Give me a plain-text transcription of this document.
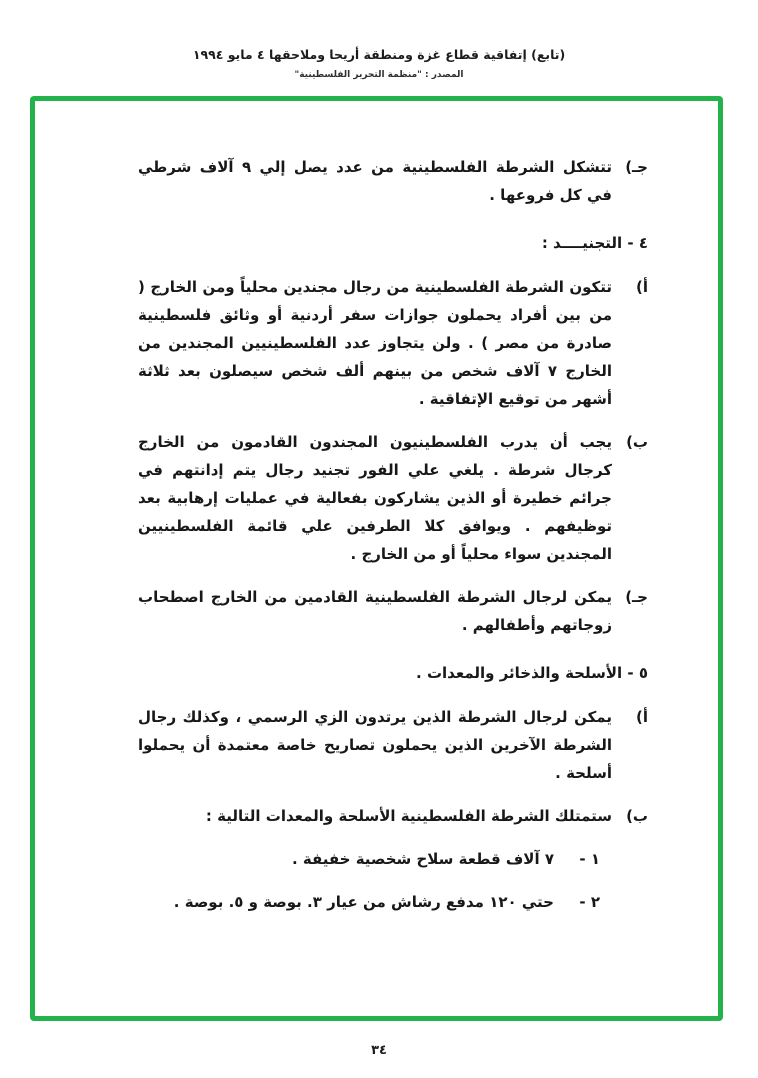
(تابع) إتفاقية قطاع غزة ومنطقة أريحا وملاحقها ٤ مايو ١٩٩٤
المصدر : "منظمة التحرير الفلسطينية"
جـ)
تتشكل الشرطة الفلسطينية من عدد يصل إلي ٩ آلاف شرطي في كل فروعها .
٤ - التجنيــــد :
أ)
تتكون الشرطة الفلسطينية من رجال مجندين محلياً ومن الخارج ( من بين أفراد يحملون جوازات سفر أردنية أو وثائق فلسطينية صادرة من مصر ) . ولن يتجاوز عدد الفلسطينيين المجندين من الخارج ٧ آلاف شخص من بينهم ألف شخص سيصلون بعد ثلاثة أشهر من توقيع الإتفاقية .
ب)
يجب أن يدرب الفلسطينيون المجندون القادمون من الخارج كرجال شرطة . يلغي علي الفور تجنيد رجال يتم إدانتهم في جرائم خطيرة أو الذين يشاركون بفعالية في عمليات إرهابية بعد توظيفهم . ويوافق كلا الطرفين علي قائمة الفلسطينيين المجندين سواء محلياً أو من الخارج .
جـ)
يمكن لرجال الشرطة الفلسطينية القادمين من الخارج اصطحاب زوجاتهم وأطفالهم .
٥ - الأسلحة والذخائر والمعدات .
أ)
يمكن لرجال الشرطة الذين يرتدون الزي الرسمي ، وكذلك رجال الشرطة الآخرين الذين يحملون تصاريح خاصة معتمدة أن يحملوا أسلحة .
ب)
ستمتلك الشرطة الفلسطينية الأسلحة والمعدات التالية :
١ -
٧ آلاف قطعة سلاح شخصية خفيفة .
٢ -
حتي ١٢٠ مدفع رشاش من عيار ٣. بوصة و ٥. بوصة .
٣٤
